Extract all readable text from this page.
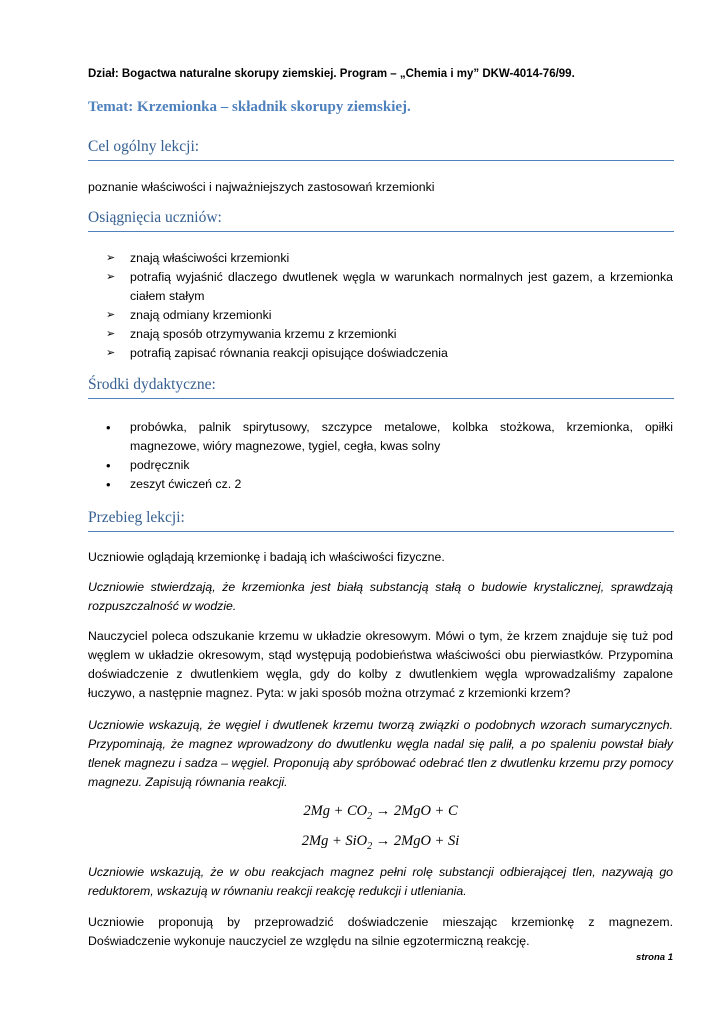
Dział: Bogactwa naturalne skorupy ziemskiej. Program – „Chemia i my” DKW-4014-76/99.
Temat: Krzemionka – składnik skorupy ziemskiej.
Cel ogólny lekcji:
poznanie właściwości i najważniejszych zastosowań krzemionki
Osiągnięcia uczniów:
➢	znają właściwości krzemionki
➢	potrafią wyjaśnić dlaczego dwutlenek węgla w warunkach normalnych jest gazem, a krzemionka ciałem stałym
➢	znają odmiany krzemionki
➢	znają sposób otrzymywania krzemu z krzemionki
➢	potrafią zapisać równania reakcji opisujące doświadczenia
Środki dydaktyczne:
•	probówka, palnik spirytusowy, szczypce metalowe, kolbka stożkowa, krzemionka, opiłki magnezowe, wióry magnezowe, tygiel, cegła, kwas solny
•	podręcznik
•	zeszyt ćwiczeń cz. 2
Przebieg lekcji:
Uczniowie oglądają krzemionkę i badają ich właściwości fizyczne.
Uczniowie stwierdzają, że krzemionka jest białą substancją stałą o budowie krystalicznej, sprawdzają rozpuszczalność w wodzie.
Nauczyciel poleca odszukanie krzemu w układzie okresowym. Mówi o tym, że krzem znajduje się tuż pod węglem w układzie okresowym, stąd występują podobieństwa właściwości obu pierwiastków. Przypomina doświadczenie z dwutlenkiem węgla, gdy do kolby z dwutlenkiem węgla wprowadzaliśmy zapalone łuczywo, a następnie magnez. Pyta: w jaki sposób można otrzymać z krzemionki krzem?
Uczniowie wskazują, że węgiel i dwutlenek krzemu tworzą związki o podobnych wzorach sumarycznych. Przypominają, że magnez wprowadzony do dwutlenku węgla nadal się palił, a po spaleniu powstał biały tlenek magnezu i sadza – węgiel. Proponują aby spróbować odebrać tlen z dwutlenku krzemu przy pomocy magnezu. Zapisują równania reakcji.
$2Mg + CO_2 \to 2MgO + C$
2Mg + SiO$_2$ → 2MgO + Si
Uczniowie wskazują, że w obu reakcjach magnez pełni rolę substancji odbierającej tlen, nazywają go reduktorem, wskazują w równaniu reakcji reakcję redukcji i utleniania.
Uczniowie proponują by przeprowadzić doświadczenie mieszając krzemionkę z magnezem. Doświadczenie wykonuje nauczyciel ze względu na silnie egzotermiczną reakcję.
strona 1
